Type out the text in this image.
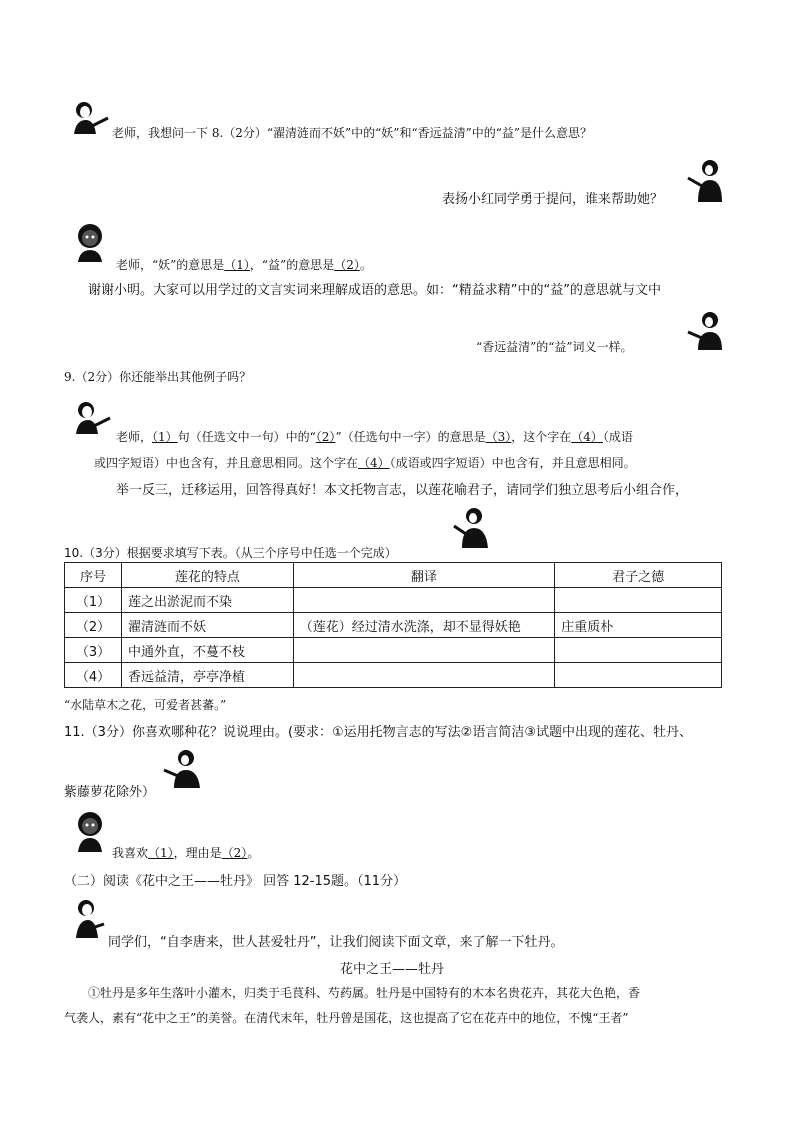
老师，我想问一下 8.（2分）“濯清涟而不妖”中的“妖”和“香远益清”中的“益”是什么意思？
表扬小红同学勇于提问，谁来帮助她？
老师，“妖”的意思是（1），“益”的意思是（2）。
谢谢小明。大家可以用学过的文言实词来理解成语的意思。如：“精益求精”中的“益”的意思就与文中
“香远益清”的“益”词义一样。
9.（2分）你还能举出其他例子吗？
老师，（1）句（任选文中一句）中的“（2）”（任选句中一字）的意思是（3），这个字在（4）（成语
或四字短语）中也含有，并且意思相同。这个字在（4）（成语或四字短语）中也含有，并且意思相同。
举一反三，迁移运用，回答得真好！本文托物言志，以莲花喻君子，请同学们独立思考后小组合作，
10.（3分）根据要求填写下表。（从三个序号中任选一个完成）
序号	莲花的特点	翻译	君子之德
（1）	莲之出淤泥而不染		
（2）	濯清涟而不妖	（莲花）经过清水洗涤，却不显得妖艳	庄重质朴
（3）	中通外直，不蔓不枝		
（4）	香远益清，亭亭净植		
“水陆草木之花，可爱者甚蕃。”
11.（3分）你喜欢哪种花？说说理由。(要求：①运用托物言志的写法②语言简洁③试题中出现的莲花、牡丹、
紫藤萝花除外）
我喜欢（1），理由是（2）。
（二）阅读《花中之王——牡丹》 回答 12-15题。（11分）
同学们，“自李唐来，世人甚爱牡丹”，让我们阅读下面文章，来了解一下牡丹。
花中之王——牡丹
①牡丹是多年生落叶小灌木，归类于毛茛科、芍药属。牡丹是中国特有的木本名贵花卉，其花大色艳，香
气袭人，素有“花中之王”的美誉。在清代末年，牡丹曾是国花，这也提高了它在花卉中的地位，不愧“王者”
